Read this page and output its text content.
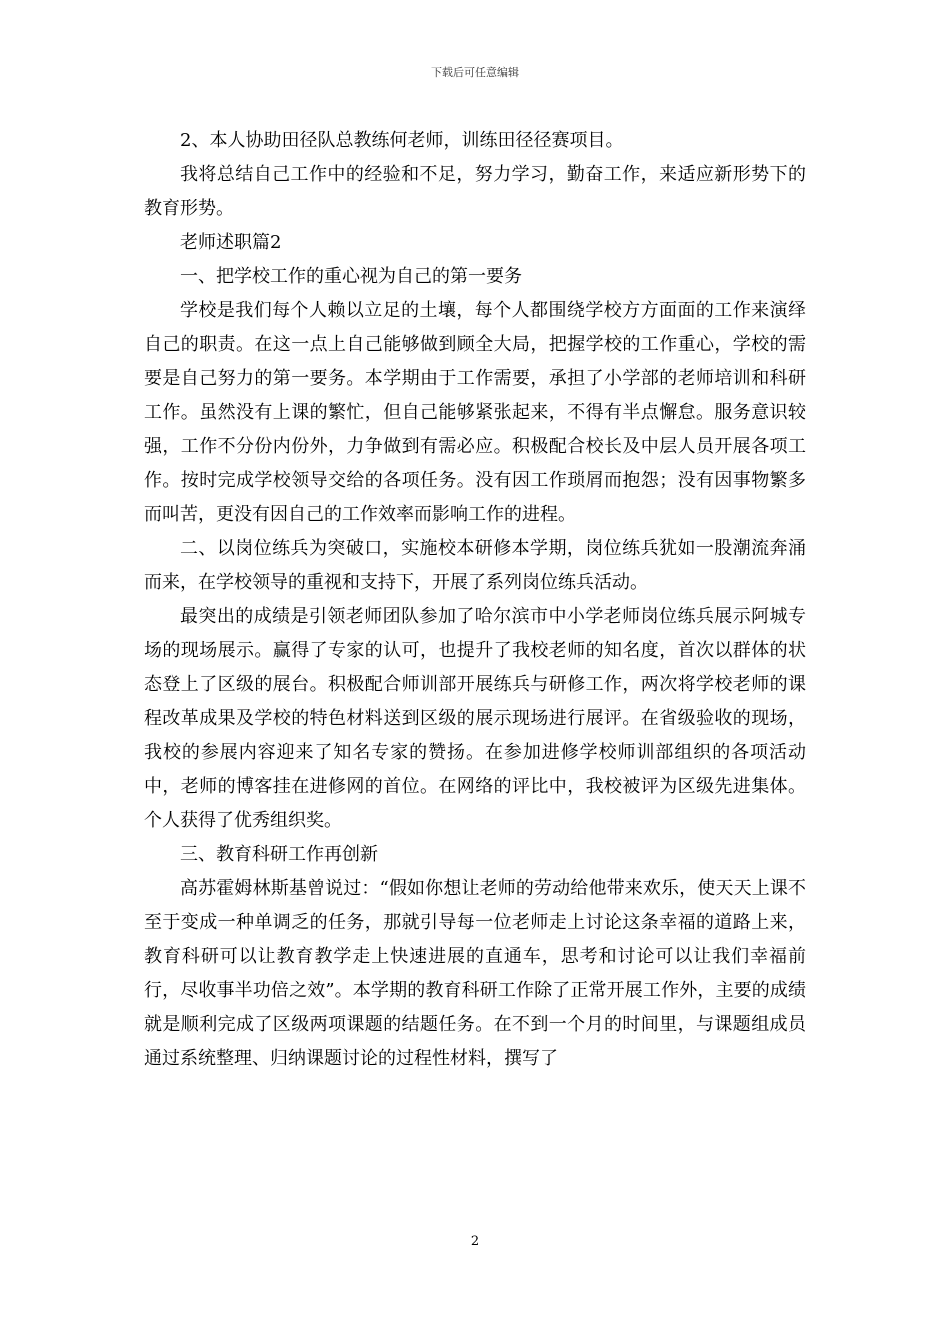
下载后可任意编辑

2、本人协助田径队总教练何老师，训练田径径赛项目。

我将总结自己工作中的经验和不足，努力学习，勤奋工作，来适应新形势下的教育形势。

老师述职篇2

一、把学校工作的重心视为自己的第一要务

学校是我们每个人赖以立足的土壤，每个人都围绕学校方方面面的工作来演绎自己的职责。在这一点上自己能够做到顾全大局，把握学校的工作重心，学校的需要是自己努力的第一要务。本学期由于工作需要，承担了小学部的老师培训和科研工作。虽然没有上课的繁忙，但自己能够紧张起来，不得有半点懈怠。服务意识较强，工作不分份内份外，力争做到有需必应。积极配合校长及中层人员开展各项工作。按时完成学校领导交给的各项任务。没有因工作琐屑而抱怨；没有因事物繁多而叫苦，更没有因自己的工作效率而影响工作的进程。

二、以岗位练兵为突破口，实施校本研修本学期，岗位练兵犹如一股潮流奔涌而来，在学校领导的重视和支持下，开展了系列岗位练兵活动。

最突出的成绩是引领老师团队参加了哈尔滨市中小学老师岗位练兵展示阿城专场的现场展示。赢得了专家的认可，也提升了我校老师的知名度，首次以群体的状态登上了区级的展台。积极配合师训部开展练兵与研修工作，两次将学校老师的课程改革成果及学校的特色材料送到区级的展示现场进行展评。在省级验收的现场，我校的参展内容迎来了知名专家的赞扬。在参加进修学校师训部组织的各项活动中，老师的博客挂在进修网的首位。在网络的评比中，我校被评为区级先进集体。个人获得了优秀组织奖。

三、教育科研工作再创新

高苏霍姆林斯基曾说过：“假如你想让老师的劳动给他带来欢乐，使天天上课不至于变成一种单调乏的任务，那就引导每一位老师走上讨论这条幸福的道路上来，教育科研可以让教育教学走上快速进展的直通车，思考和讨论可以让我们幸福前行，尽收事半功倍之效”。本学期的教育科研工作除了正常开展工作外，主要的成绩就是顺利完成了区级两项课题的结题任务。在不到一个月的时间里，与课题组成员通过系统整理、归纳课题讨论的过程性材料，撰写了

2
